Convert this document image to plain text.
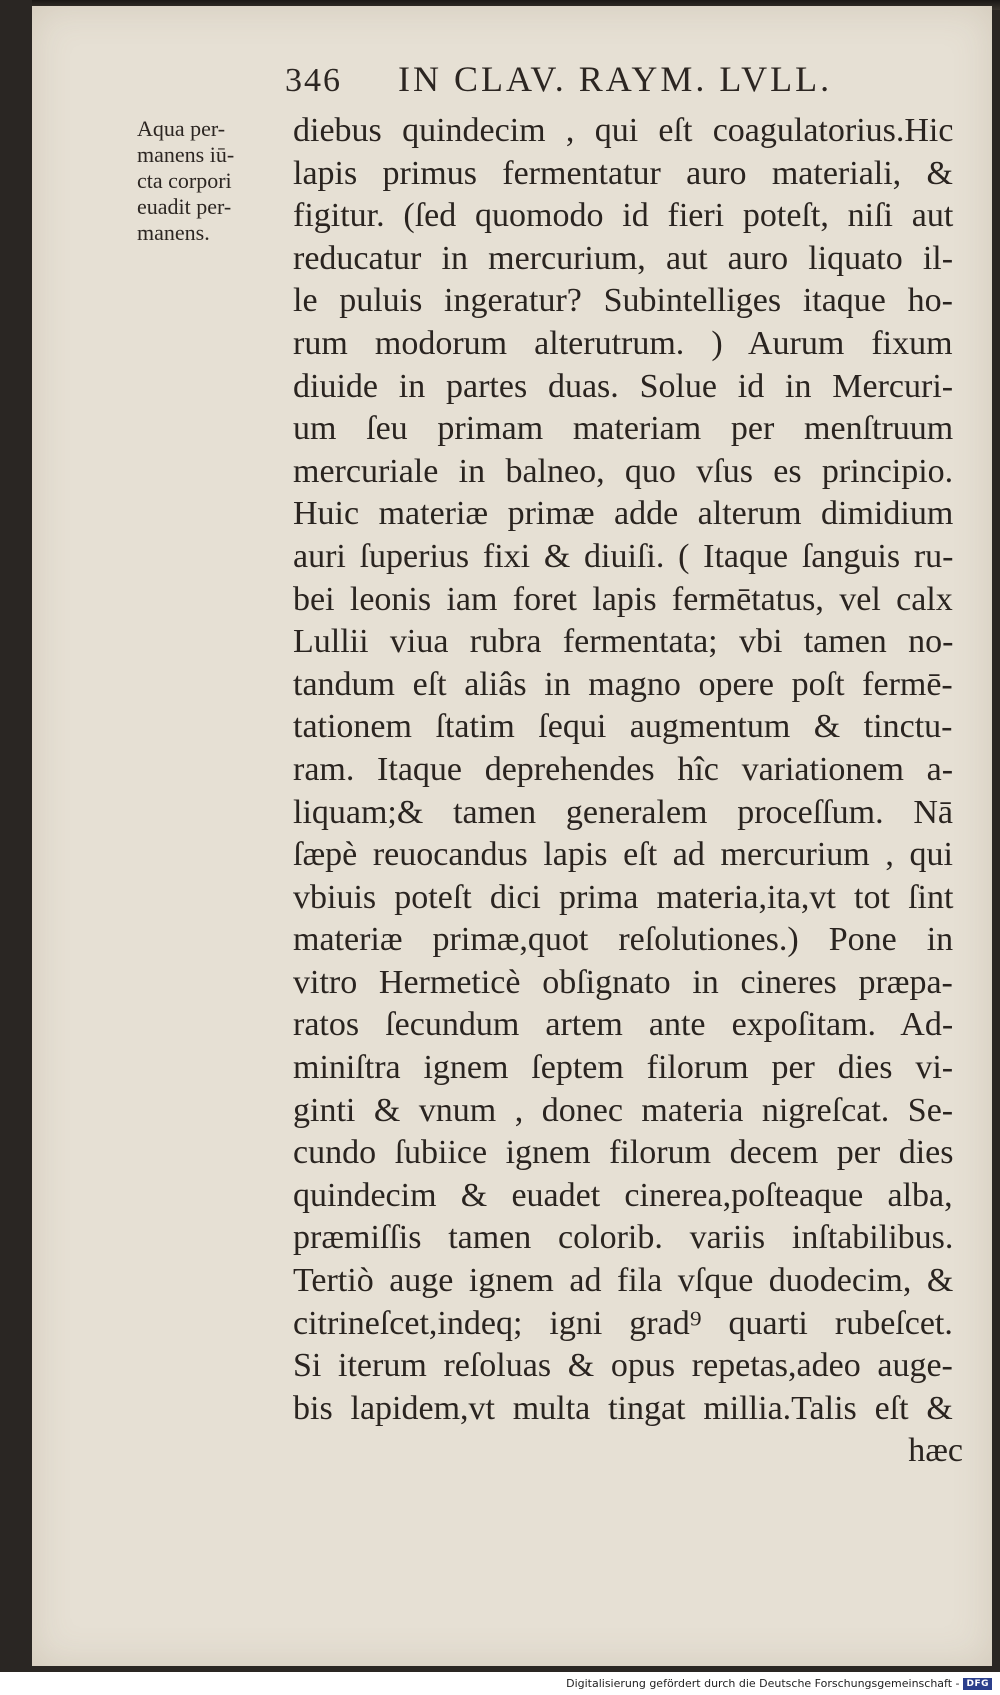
346 IN CLAV. RAYM. LVLL.
Aqua per-
manens iū-
cta corpori
euadit per-
manens.
diebus quindecim , qui eſt coagulatorius.Hic
lapis primus fermentatur auro materiali, &
figitur. (ſed quomodo id fieri poteſt, niſi aut
reducatur in mercurium, aut auro liquato il-
le puluis ingeratur? Subintelliges itaque ho-
rum modorum alterutrum. ) Aurum fixum
diuide in partes duas. Solue id in Mercuri-
um ſeu primam materiam per menſtruum
mercuriale in balneo, quo vſus es principio.
Huic materiæ primæ adde alterum dimidium
auri ſuperius fixi & diuiſi. ( Itaque ſanguis ru-
bei leonis iam foret lapis fermētatus, vel calx
Lullii viua rubra fermentata; vbi tamen no-
tandum eſt aliâs in magno opere poſt fermē-
tationem ſtatim ſequi augmentum & tinctu-
ram. Itaque deprehendes hîc variationem a-
liquam;& tamen generalem proceſſum. Nā
ſæpè reuocandus lapis eſt ad mercurium , qui
vbiuis poteſt dici prima materia,ita,vt tot ſint
materiæ primæ,quot reſolutiones.) Pone in
vitro Hermeticè obſignato in cineres præpa-
ratos ſecundum artem ante expoſitam. Ad-
miniſtra ignem ſeptem filorum per dies vi-
ginti & vnum , donec materia nigreſcat. Se-
cundo ſubiice ignem filorum decem per dies
quindecim & euadet cinerea,poſteaque alba,
præmiſſis tamen colorib. variis inſtabilibus.
Tertiò auge ignem ad fila vſque duodecim, &
citrineſcet,indeq; igni grad⁹ quarti rubeſcet.
Si iterum reſoluas & opus repetas,adeo auge-
bis lapidem,vt multa tingat millia.Talis eſt &
hæc
Digitalisierung gefördert durch die Deutsche Forschungsgemeinschaft - DFG
